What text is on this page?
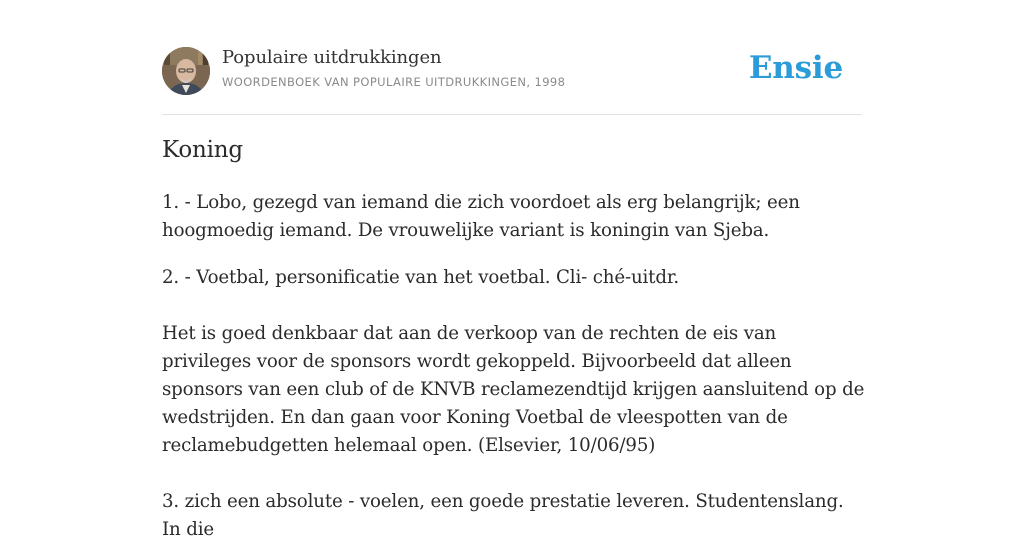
Populaire uitdrukkingen
WOORDENBOEK VAN POPULAIRE UITDRUKKINGEN, 1998	Ensie
Koning

1. - Lobo, gezegd van iemand die zich voordoet als erg belangrijk; een hoogmoedig iemand. De vrouwelijke variant is koningin van Sjeba.

2. - Voetbal, personificatie van het voetbal. Cli- ché-uitdr.

Het is goed denkbaar dat aan de verkoop van de rechten de eis van privileges voor de sponsors wordt gekoppeld. Bijvoorbeeld dat alleen sponsors van een club of de KNVB reclamezendtijd krijgen aansluitend op de wedstrijden. En dan gaan voor Koning Voetbal de vleespotten van de reclamebudgetten helemaal open. (Elsevier, 10/06/95)

3. zich een absolute - voelen, een goede prestatie leveren. Studentenslang. In die
